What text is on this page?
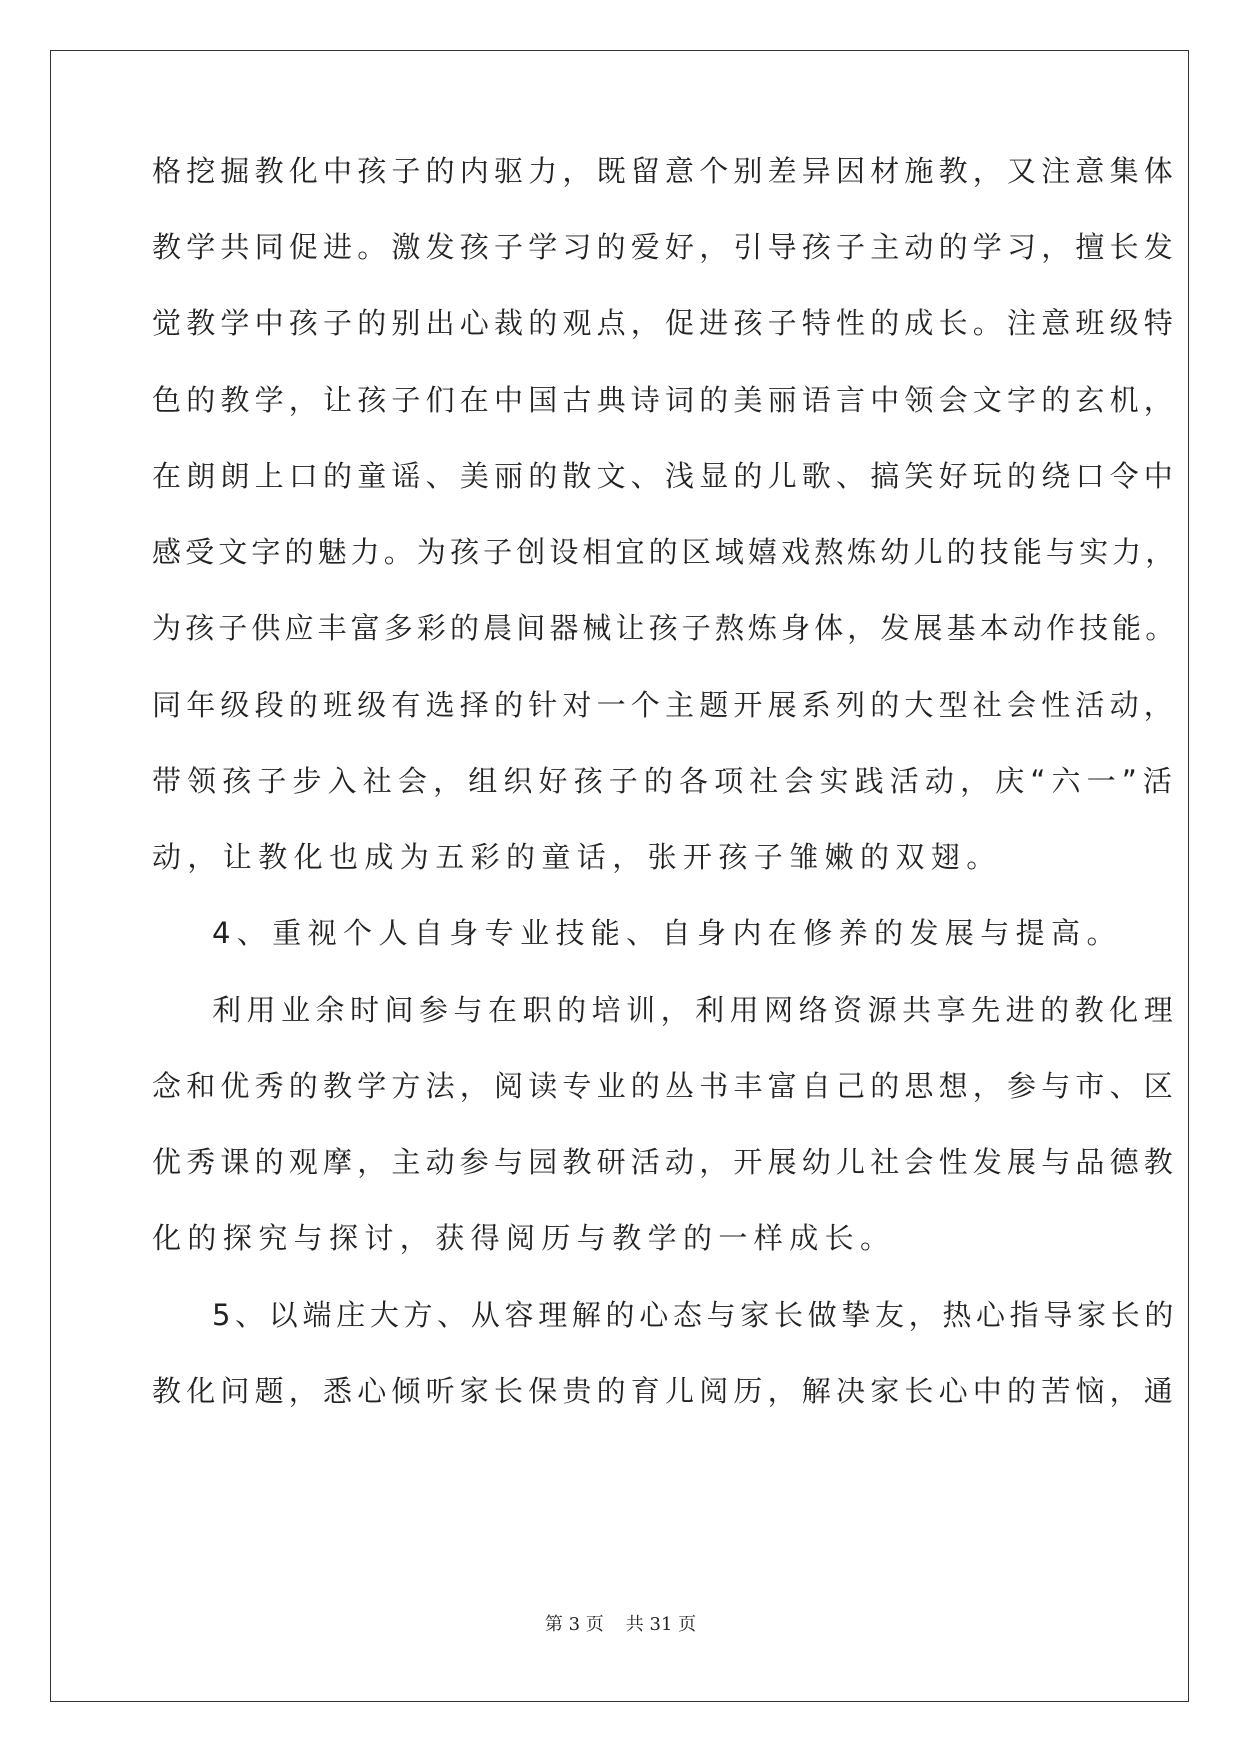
格挖掘教化中孩子的内驱力，既留意个别差异因材施教，又注意集体
教学共同促进。激发孩子学习的爱好，引导孩子主动的学习，擅长发
觉教学中孩子的别出心裁的观点，促进孩子特性的成长。注意班级特
色的教学，让孩子们在中国古典诗词的美丽语言中领会文字的玄机，
在朗朗上口的童谣、美丽的散文、浅显的儿歌、搞笑好玩的绕口令中
感受文字的魅力。为孩子创设相宜的区域嬉戏熬炼幼儿的技能与实力，
为孩子供应丰富多彩的晨间器械让孩子熬炼身体，发展基本动作技能。
同年级段的班级有选择的针对一个主题开展系列的大型社会性活动，
带领孩子步入社会，组织好孩子的各项社会实践活动，庆“六一”活
动，让教化也成为五彩的童话，张开孩子雏嫩的双翅。
4、重视个人自身专业技能、自身内在修养的发展与提高。
利用业余时间参与在职的培训，利用网络资源共享先进的教化理
念和优秀的教学方法，阅读专业的丛书丰富自己的思想，参与市、区
优秀课的观摩，主动参与园教研活动，开展幼儿社会性发展与品德教
化的探究与探讨，获得阅历与教学的一样成长。
5、以端庄大方、从容理解的心态与家长做挚友，热心指导家长的
教化问题，悉心倾听家长保贵的育儿阅历，解决家长心中的苦恼，通
第 3 页 共 31 页
